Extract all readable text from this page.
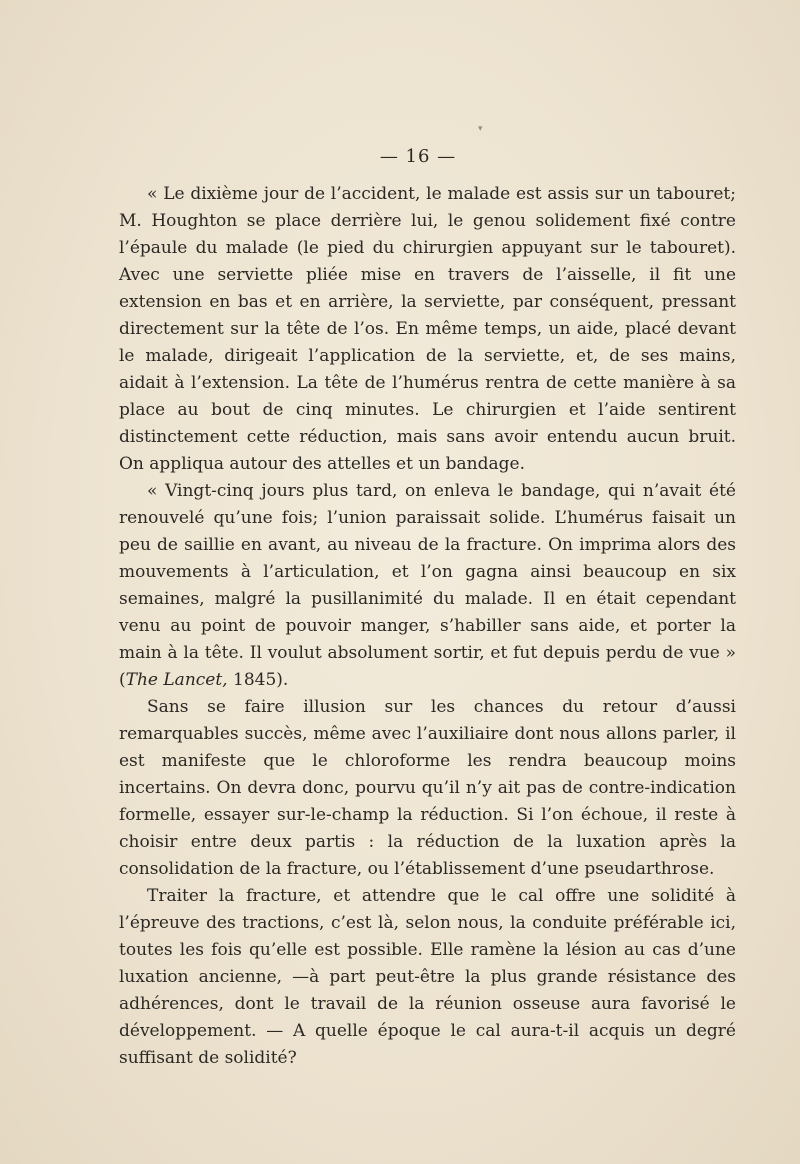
▾
— 16 —

« Le dixième jour de l’accident, le malade est assis sur un tabouret; M. Houghton se place derrière lui, le genou solidement fixé contre l’épaule du malade (le pied du chirurgien appuyant sur le tabouret). Avec une serviette pliée mise en travers de l’aisselle, il fit une extension en bas et en arrière, la serviette, par conséquent, pressant directement sur la tête de l’os. En même temps, un aide, placé devant le malade, dirigeait l’application de la serviette, et, de ses mains, aidait à l’extension. La tête de l’humérus rentra de cette manière à sa place au bout de cinq minutes. Le chirurgien et l’aide sentirent distinctement cette réduction, mais sans avoir entendu aucun bruit. On appliqua autour des attelles et un bandage.

« Vingt-cinq jours plus tard, on enleva le bandage, qui n’avait été renouvelé qu’une fois; l’union paraissait solide. L’humérus faisait un peu de saillie en avant, au niveau de la fracture. On imprima alors des mouvements à l’articulation, et l’on gagna ainsi beaucoup en six semaines, malgré la pusillanimité du malade. Il en était cependant venu au point de pouvoir manger, s’habiller sans aide, et porter la main à la tête. Il voulut absolument sortir, et fut depuis perdu de vue » (The Lancet, 1845).

Sans se faire illusion sur les chances du retour d’aussi remarquables succès, même avec l’auxiliaire dont nous allons parler, il est manifeste que le chloroforme les rendra beaucoup moins incertains. On devra donc, pourvu qu’il n’y ait pas de contre-indication formelle, essayer sur-le-champ la réduction. Si l’on échoue, il reste à choisir entre deux partis : la réduction de la luxation après la consolidation de la fracture, ou l’établissement d’une pseudarthrose.

Traiter la fracture, et attendre que le cal offre une solidité à l’épreuve des tractions, c’est là, selon nous, la conduite préférable ici, toutes les fois qu’elle est possible. Elle ramène la lésion au cas d’une luxation ancienne, —à part peut-être la plus grande résistance des adhérences, dont le travail de la réunion osseuse aura favorisé le développement. — A quelle époque le cal aura-t-il acquis un degré suffisant de solidité?
